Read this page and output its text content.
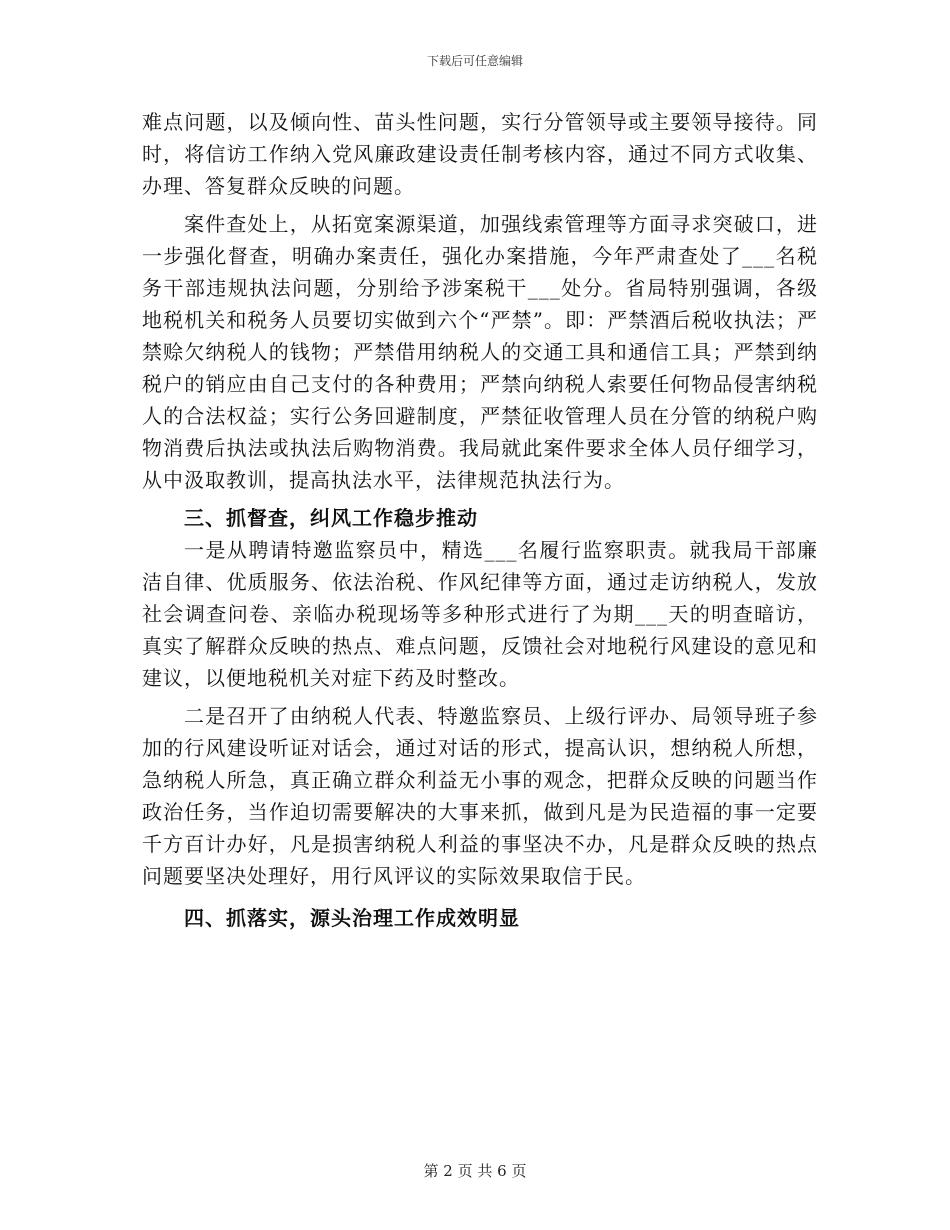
下载后可任意编辑

难点问题，以及倾向性、苗头性问题，实行分管领导或主要领导接待。同时，将信访工作纳入党风廉政建设责任制考核内容，通过不同方式收集、办理、答复群众反映的问题。

案件查处上，从拓宽案源渠道，加强线索管理等方面寻求突破口，进一步强化督查，明确办案责任，强化办案措施，今年严肃查处了___名税务干部违规执法问题，分别给予涉案税干___处分。省局特别强调，各级地税机关和税务人员要切实做到六个“严禁”。即：严禁酒后税收执法；严禁赊欠纳税人的钱物；严禁借用纳税人的交通工具和通信工具；严禁到纳税户的销应由自己支付的各种费用；严禁向纳税人索要任何物品侵害纳税人的合法权益；实行公务回避制度，严禁征收管理人员在分管的纳税户购物消费后执法或执法后购物消费。我局就此案件要求全体人员仔细学习，从中汲取教训，提高执法水平，法律规范执法行为。

三、抓督查，纠风工作稳步推动

一是从聘请特邀监察员中，精选___名履行监察职责。就我局干部廉洁自律、优质服务、依法治税、作风纪律等方面，通过走访纳税人，发放社会调查问卷、亲临办税现场等多种形式进行了为期___天的明查暗访，真实了解群众反映的热点、难点问题，反馈社会对地税行风建设的意见和建议，以便地税机关对症下药及时整改。

二是召开了由纳税人代表、特邀监察员、上级行评办、局领导班子参加的行风建设听证对话会，通过对话的形式，提高认识，想纳税人所想，急纳税人所急，真正确立群众利益无小事的观念，把群众反映的问题当作政治任务，当作迫切需要解决的大事来抓，做到凡是为民造福的事一定要千方百计办好，凡是损害纳税人利益的事坚决不办，凡是群众反映的热点问题要坚决处理好，用行风评议的实际效果取信于民。

四、抓落实，源头治理工作成效明显

第 2 页 共 6 页
